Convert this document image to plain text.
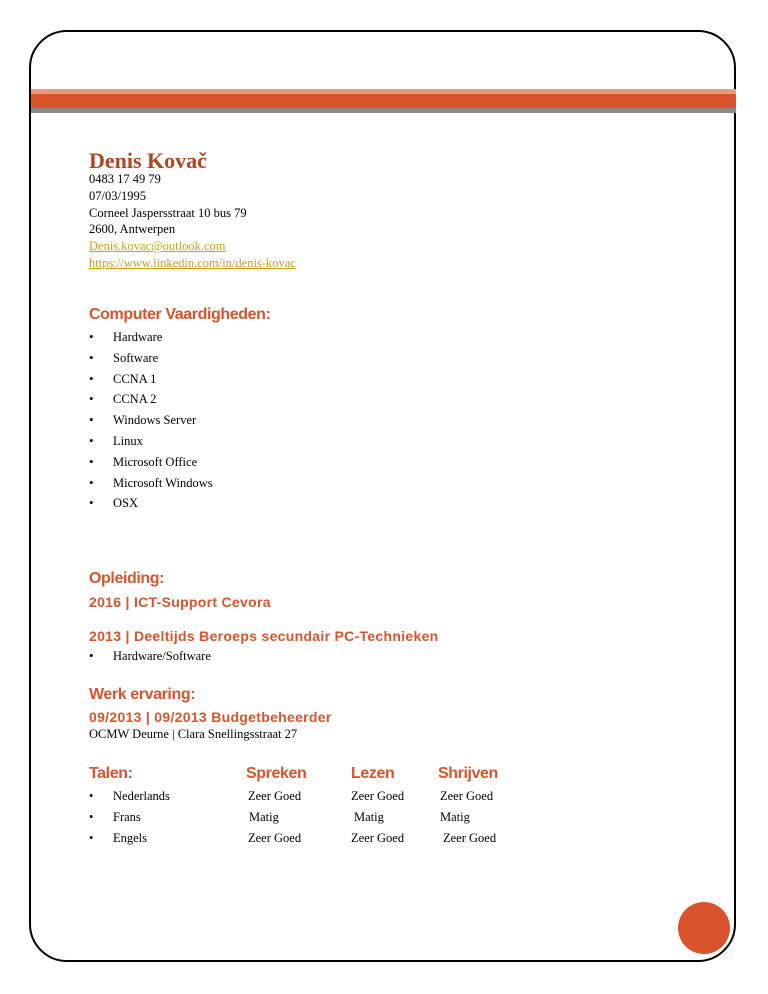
Denis Kovač
0483 17 49 79
07/03/1995
Corneel Jaspersstraat 10 bus 79
2600, Antwerpen
Denis.kovac@outlook.com
https://www.linkedin.com/in/denis-kovac
Computer Vaardigheden:
• Hardware
• Software
• CCNA 1
• CCNA 2
• Windows Server
• Linux
• Microsoft Office
• Microsoft Windows
• OSX
Opleiding:
2016 | ICT-Support Cevora
2013 | Deeltijds Beroeps secundair PC-Technieken
• Hardware/Software
Werk ervaring:
09/2013 | 09/2013 Budgetbeheerder
OCMW Deurne | Clara Snellingsstraat 27
Talen:	Spreken	Lezen	Shrijven
• Nederlands	Zeer Goed	Zeer Goed	Zeer Goed
• Frans	Matig	Matig	Matig
• Engels	Zeer Goed	Zeer Goed	Zeer Goed
